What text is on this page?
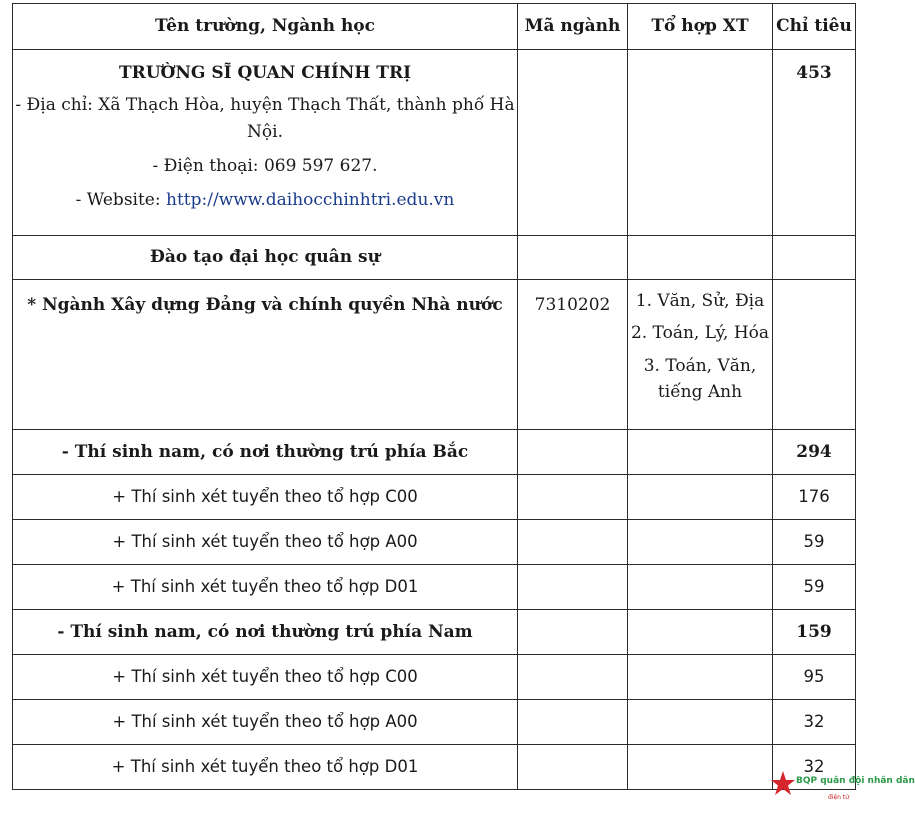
Tên trường, Ngành học	Mã ngành	Tổ hợp XT	Chỉ tiêu

TRƯỜNG SĨ QUAN CHÍNH TRỊ

- Địa chỉ: Xã Thạch Hòa, huyện Thạch Thất, thành phố Hà

Nội.

- Điện thoại: 069 597 627.

- Website: http://www.daihocchinhtri.edu.vn			453
Đào tạo đại học quân sự			
* Ngành Xây dựng Đảng và chính quyền Nhà nước	7310202	1. Văn, Sử, Địa

2. Toán, Lý, Hóa

3. Toán, Văn, tiếng Anh	

- Thí sinh nam, có nơi thường trú phía Bắc			294
+ Thí sinh xét tuyển theo tổ hợp C00			176
+ Thí sinh xét tuyển theo tổ hợp A00			59
+ Thí sinh xét tuyển theo tổ hợp D01			59
- Thí sinh nam, có nơi thường trú phía Nam			159
+ Thí sinh xét tuyển theo tổ hợp C00			95
+ Thí sinh xét tuyển theo tổ hợp A00			32
+ Thí sinh xét tuyển theo tổ hợp D01			32
BQP quân đội nhân dân
điện tử
